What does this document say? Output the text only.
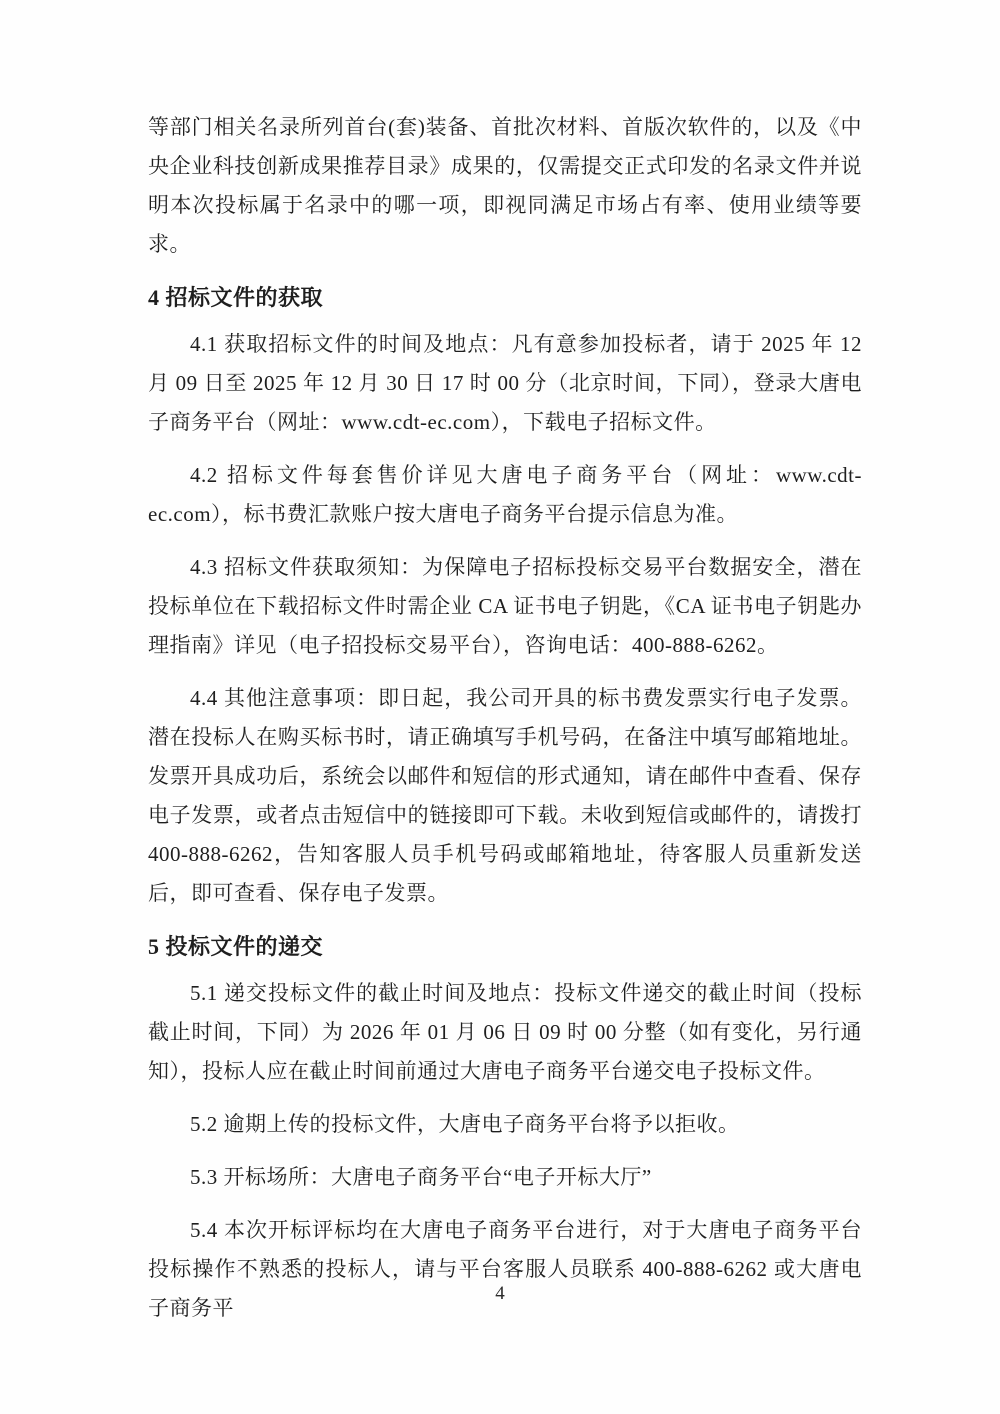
等部门相关名录所列首台(套)装备、首批次材料、首版次软件的，以及《中央企业科技创新成果推荐目录》成果的，仅需提交正式印发的名录文件并说明本次投标属于名录中的哪一项，即视同满足市场占有率、使用业绩等要求。

4 招标文件的获取

4.1 获取招标文件的时间及地点：凡有意参加投标者，请于 2025 年 12 月 09 日至 2025 年 12 月 30 日 17 时 00 分（北京时间，下同），登录大唐电子商务平台（网址：www.cdt-ec.com），下载电子招标文件。

4.2 招标文件每套售价详见大唐电子商务平台（网址：www.cdt-ec.com），标书费汇款账户按大唐电子商务平台提示信息为准。

4.3 招标文件获取须知：为保障电子招标投标交易平台数据安全，潜在投标单位在下载招标文件时需企业 CA 证书电子钥匙，《CA 证书电子钥匙办理指南》详见（电子招投标交易平台），咨询电话：400-888-6262。

4.4 其他注意事项：即日起，我公司开具的标书费发票实行电子发票。潜在投标人在购买标书时，请正确填写手机号码，在备注中填写邮箱地址。发票开具成功后，系统会以邮件和短信的形式通知，请在邮件中查看、保存电子发票，或者点击短信中的链接即可下载。未收到短信或邮件的，请拨打 400-888-6262，告知客服人员手机号码或邮箱地址，待客服人员重新发送后，即可查看、保存电子发票。

5 投标文件的递交

5.1 递交投标文件的截止时间及地点：投标文件递交的截止时间（投标截止时间，下同）为 2026 年 01 月 06 日 09 时 00 分整（如有变化，另行通知），投标人应在截止时间前通过大唐电子商务平台递交电子投标文件。

5.2 逾期上传的投标文件，大唐电子商务平台将予以拒收。

5.3 开标场所：大唐电子商务平台“电子开标大厅”

5.4 本次开标评标均在大唐电子商务平台进行，对于大唐电子商务平台投标操作不熟悉的投标人，请与平台客服人员联系 400-888-6262 或大唐电子商务平

4
